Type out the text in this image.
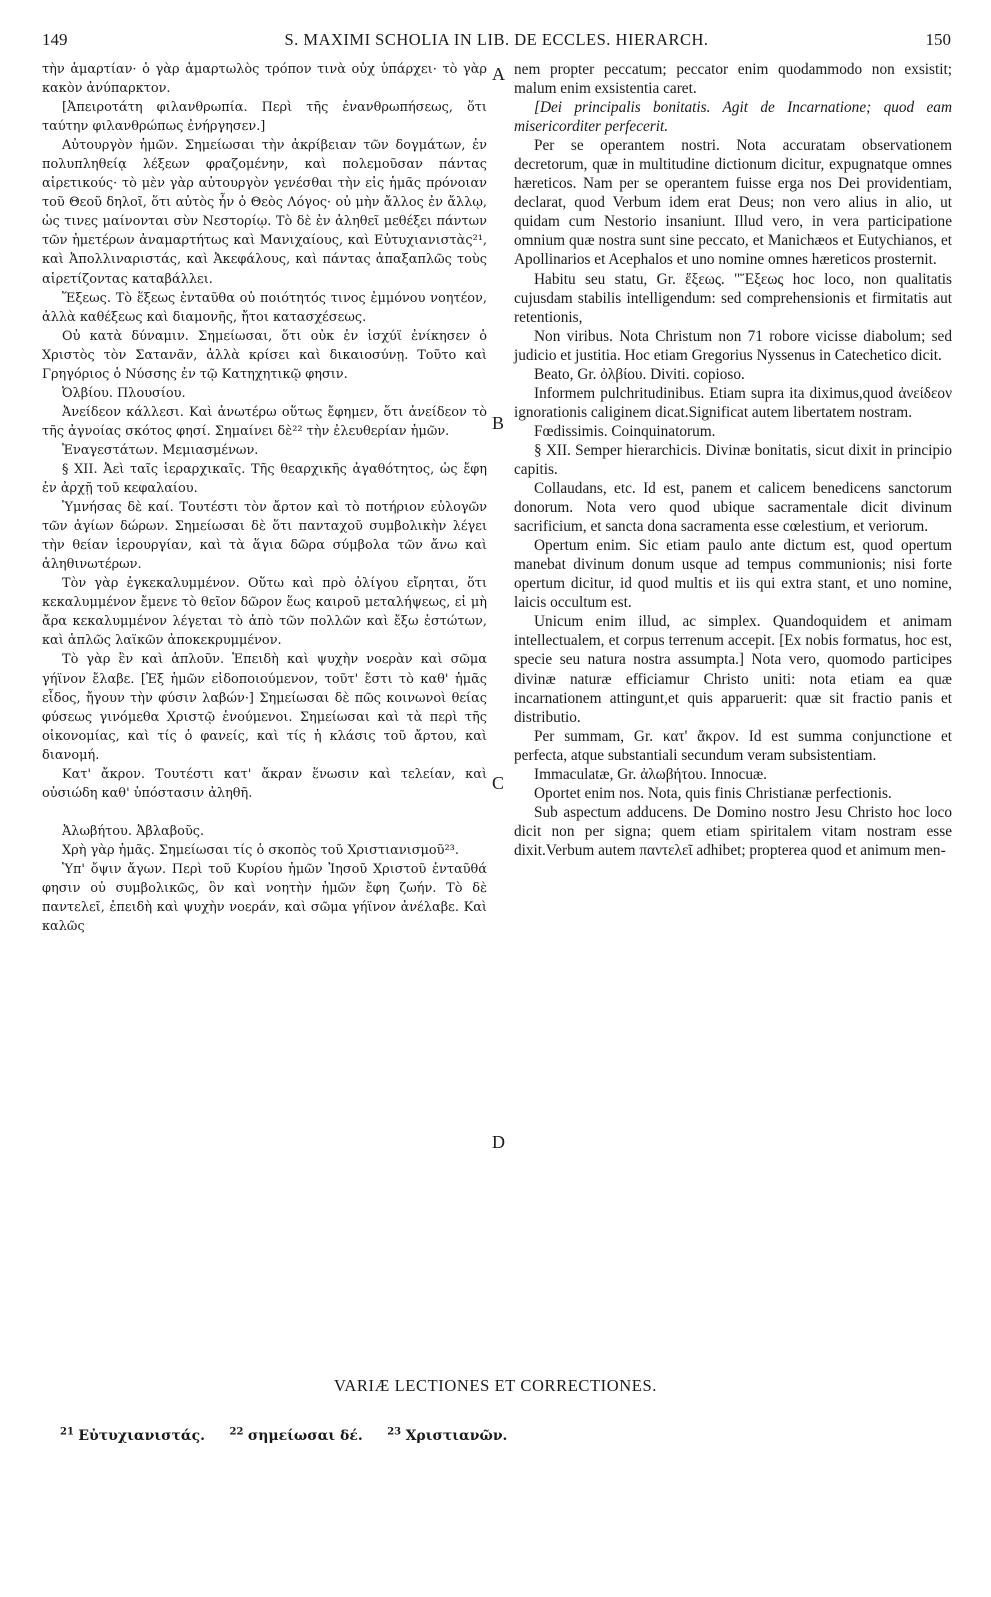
149	S. MAXIMI SCHOLIA IN LIB. DE ECCLES. HIERARCH.	150
A
B
C
D

τὴν ἁμαρτίαν· ὁ γὰρ ἁμαρτωλὸς τρόπον τινὰ οὐχ ὑπάρχει· τὸ γὰρ κακὸν ἀνύπαρκτον.

[Ἀπειροτάτη φιλανθρωπία. Περὶ τῆς ἐνανθρωπήσεως, ὅτι ταύτην φιλανθρώπως ἐνήργησεν.]

Αὐτουργὸν ἡμῶν. Σημείωσαι τὴν ἀκρίβειαν τῶν δογμάτων, ἐν πολυπληθείᾳ λέξεων φραζομένην, καὶ πολεμοῦσαν πάντας αἱρετικούς· τὸ μὲν γὰρ αὐτουργὸν γενέσθαι τὴν εἰς ἡμᾶς πρόνοιαν τοῦ Θεοῦ δηλοῖ, ὅτι αὐτὸς ἦν ὁ Θεὸς Λόγος· οὐ μὴν ἄλλος ἐν ἄλλῳ, ὡς τινες μαίνονται σὺν Νεστορίῳ. Τὸ δὲ ἐν ἀληθεῖ μεθέξει πάντων τῶν ἡμετέρων ἀναμαρτήτως καὶ Μανιχαίους, καὶ Εὐτυχιανιστὰς²¹, καὶ Ἀπολλιναριστάς, καὶ Ἀκεφάλους, καὶ πάντας ἁπαξαπλῶς τοὺς αἱρετίζοντας καταβάλλει.

Ἕξεως. Τὸ ἕξεως ἐνταῦθα οὐ ποιότητός τινος ἐμμόνου νοητέον, ἀλλὰ καθέξεως καὶ διαμονῆς, ἤτοι κατασχέσεως.

Οὐ κατὰ δύναμιν. Σημείωσαι, ὅτι οὐκ ἐν ἰσχύϊ ἐνίκησεν ὁ Χριστὸς τὸν Σατανᾶν, ἀλλὰ κρίσει καὶ δικαιοσύνῃ. Τοῦτο καὶ Γρηγόριος ὁ Νύσσης ἐν τῷ Κατηχητικῷ φησιν.

Ὀλβίου. Πλουσίου.

Ἀνείδεον κάλλεσι. Καὶ ἀνωτέρω οὕτως ἔφημεν, ὅτι ἀνείδεον τὸ τῆς ἀγνοίας σκότος φησί. Σημαίνει δὲ²² τὴν ἐλευθερίαν ἡμῶν.

Ἐναγεστάτων. Μεμιασμένων.

§ XII. Ἀεὶ ταῖς ἱεραρχικαῖς. Τῆς θεαρχικῆς ἀγαθότητος, ὡς ἔφη ἐν ἀρχῇ τοῦ κεφαλαίου.

Ὑμνήσας δὲ καί. Τουτέστι τὸν ἄρτον καὶ τὸ ποτήριον εὐλογῶν τῶν ἁγίων δώρων. Σημείωσαι δὲ ὅτι πανταχοῦ συμβολικὴν λέγει τὴν θείαν ἱερουργίαν, καὶ τὰ ἅγια δῶρα σύμβολα τῶν ἄνω καὶ ἀληθινωτέρων.

Τὸν γὰρ ἐγκεκαλυμμένον. Οὕτω καὶ πρὸ ὀλίγου εἴρηται, ὅτι κεκαλυμμένον ἔμενε τὸ θεῖον δῶρον ἕως καιροῦ μεταλήψεως, εἰ μὴ ἄρα κεκαλυμμένον λέγεται τὸ ἀπὸ τῶν πολλῶν καὶ ἔξω ἑστώτων, καὶ ἁπλῶς λαϊκῶν ἀποκεκρυμμένον.

Τὸ γὰρ ἓν καὶ ἁπλοῦν. Ἐπειδὴ καὶ ψυχὴν νοερὰν καὶ σῶμα γήϊνον ἔλαβε. [Ἐξ ἡμῶν εἰδοποιούμενον, τοῦτ' ἔστι τὸ καθ' ἡμᾶς εἶδος, ἤγουν τὴν φύσιν λαβών·] Σημείωσαι δὲ πῶς κοινωνοὶ θείας φύσεως γινόμεθα Χριστῷ ἑνούμενοι. Σημείωσαι καὶ τὰ περὶ τῆς οἰκονομίας, καὶ τίς ὁ φανείς, καὶ τίς ἡ κλάσις τοῦ ἄρτου, καὶ διανομή.

Κατ' ἄκρον. Τουτέστι κατ' ἄκραν ἕνωσιν καὶ τελείαν, καὶ οὐσιώδη καθ' ὑπόστασιν ἀληθῆ.

Ἀλωβήτου. Ἀβλαβοῦς.

Χρὴ γὰρ ἡμᾶς. Σημείωσαι τίς ὁ σκοπὸς τοῦ Χριστιανισμοῦ²³.

Ὑπ' ὄψιν ἄγων. Περὶ τοῦ Κυρίου ἡμῶν Ἰησοῦ Χριστοῦ ἐνταῦθά φησιν οὐ συμβολικῶς, ὃν καὶ νοητὴν ἡμῶν ἔφη ζωήν. Τὸ δὲ παντελεῖ, ἐπειδὴ καὶ ψυχὴν νοεράν, καὶ σῶμα γήϊνον ἀνέλαβε. Καὶ καλῶς

nem propter peccatum; peccator enim quodammodo non exsistit; malum enim exsistentia caret.

[Dei principalis bonitatis. Agit de Incarnatione; quod eam misericorditer perfecerit.

Per se operantem nostri. Nota accuratam observationem decretorum, quæ in multitudine dictionum dicitur, expugnatque omnes hæreticos. Nam per se operantem fuisse erga nos Dei providentiam, declarat, quod Verbum idem erat Deus; non vero alius in alio, ut quidam cum Nestorio insaniunt. Illud vero, in vera participatione omnium quæ nostra sunt sine peccato, et Manichæos et Eutychianos, et Apollinarios et Acephalos et uno nomine omnes hæreticos prosternit.

Habitu seu statu, Gr. ἕξεως. "Ἕξεως hoc loco, non qualitatis cujusdam stabilis intelligendum: sed comprehensionis et firmitatis aut retentionis,

Non viribus. Nota Christum non 71 robore vicisse diabolum; sed judicio et justitia. Hoc etiam Gregorius Nyssenus in Catechetico dicit.

Beato, Gr. ὀλβίου. Diviti. copioso.

Informem pulchritudinibus. Etiam supra ita diximus,quod ἀνείδεον ignorationis caliginem dicat.Significat autem libertatem nostram.

Fœdissimis. Coinquinatorum.

§ XII. Semper hierarchicis. Divinæ bonitatis, sicut dixit in principio capitis.

Collaudans, etc. Id est, panem et calicem benedicens sanctorum donorum. Nota vero quod ubique sacramentale dicit divinum sacrificium, et sancta dona sacramenta esse cœlestium, et veriorum.

Opertum enim. Sic etiam paulo ante dictum est, quod opertum manebat divinum donum usque ad tempus communionis; nisi forte opertum dicitur, id quod multis et iis qui extra stant, et uno nomine, laicis occultum est.

Unicum enim illud, ac simplex. Quandoquidem et animam intellectualem, et corpus terrenum accepit. [Ex nobis formatus, hoc est, specie seu natura nostra assumpta.] Nota vero, quomodo participes divinæ naturæ efficiamur Christo uniti: nota etiam ea quæ incarnationem attingunt,et quis apparuerit: quæ sit fractio panis et distributio.

Per summam, Gr. κατ' ἄκρον. Id est summa conjunctione et perfecta, atque substantiali secundum veram subsistentiam.

Immaculatæ, Gr. ἀλωβήτου. Innocuæ.

Oportet enim nos. Nota, quis finis Christianæ perfectionis.

Sub aspectum adducens. De Domino nostro Jesu Christo hoc loco dicit non per signa; quem etiam spiritalem vitam nostram esse dixit.Verbum autem παντελεῖ adhibet; propterea quod et animum men-

VARIÆ LECTIONES ET CORRECTIONES.
$^{21}$ Εὐτυχιανιστάς. $^{22}$ σημείωσαι δέ. $^{23}$ Χριστιανῶν.
